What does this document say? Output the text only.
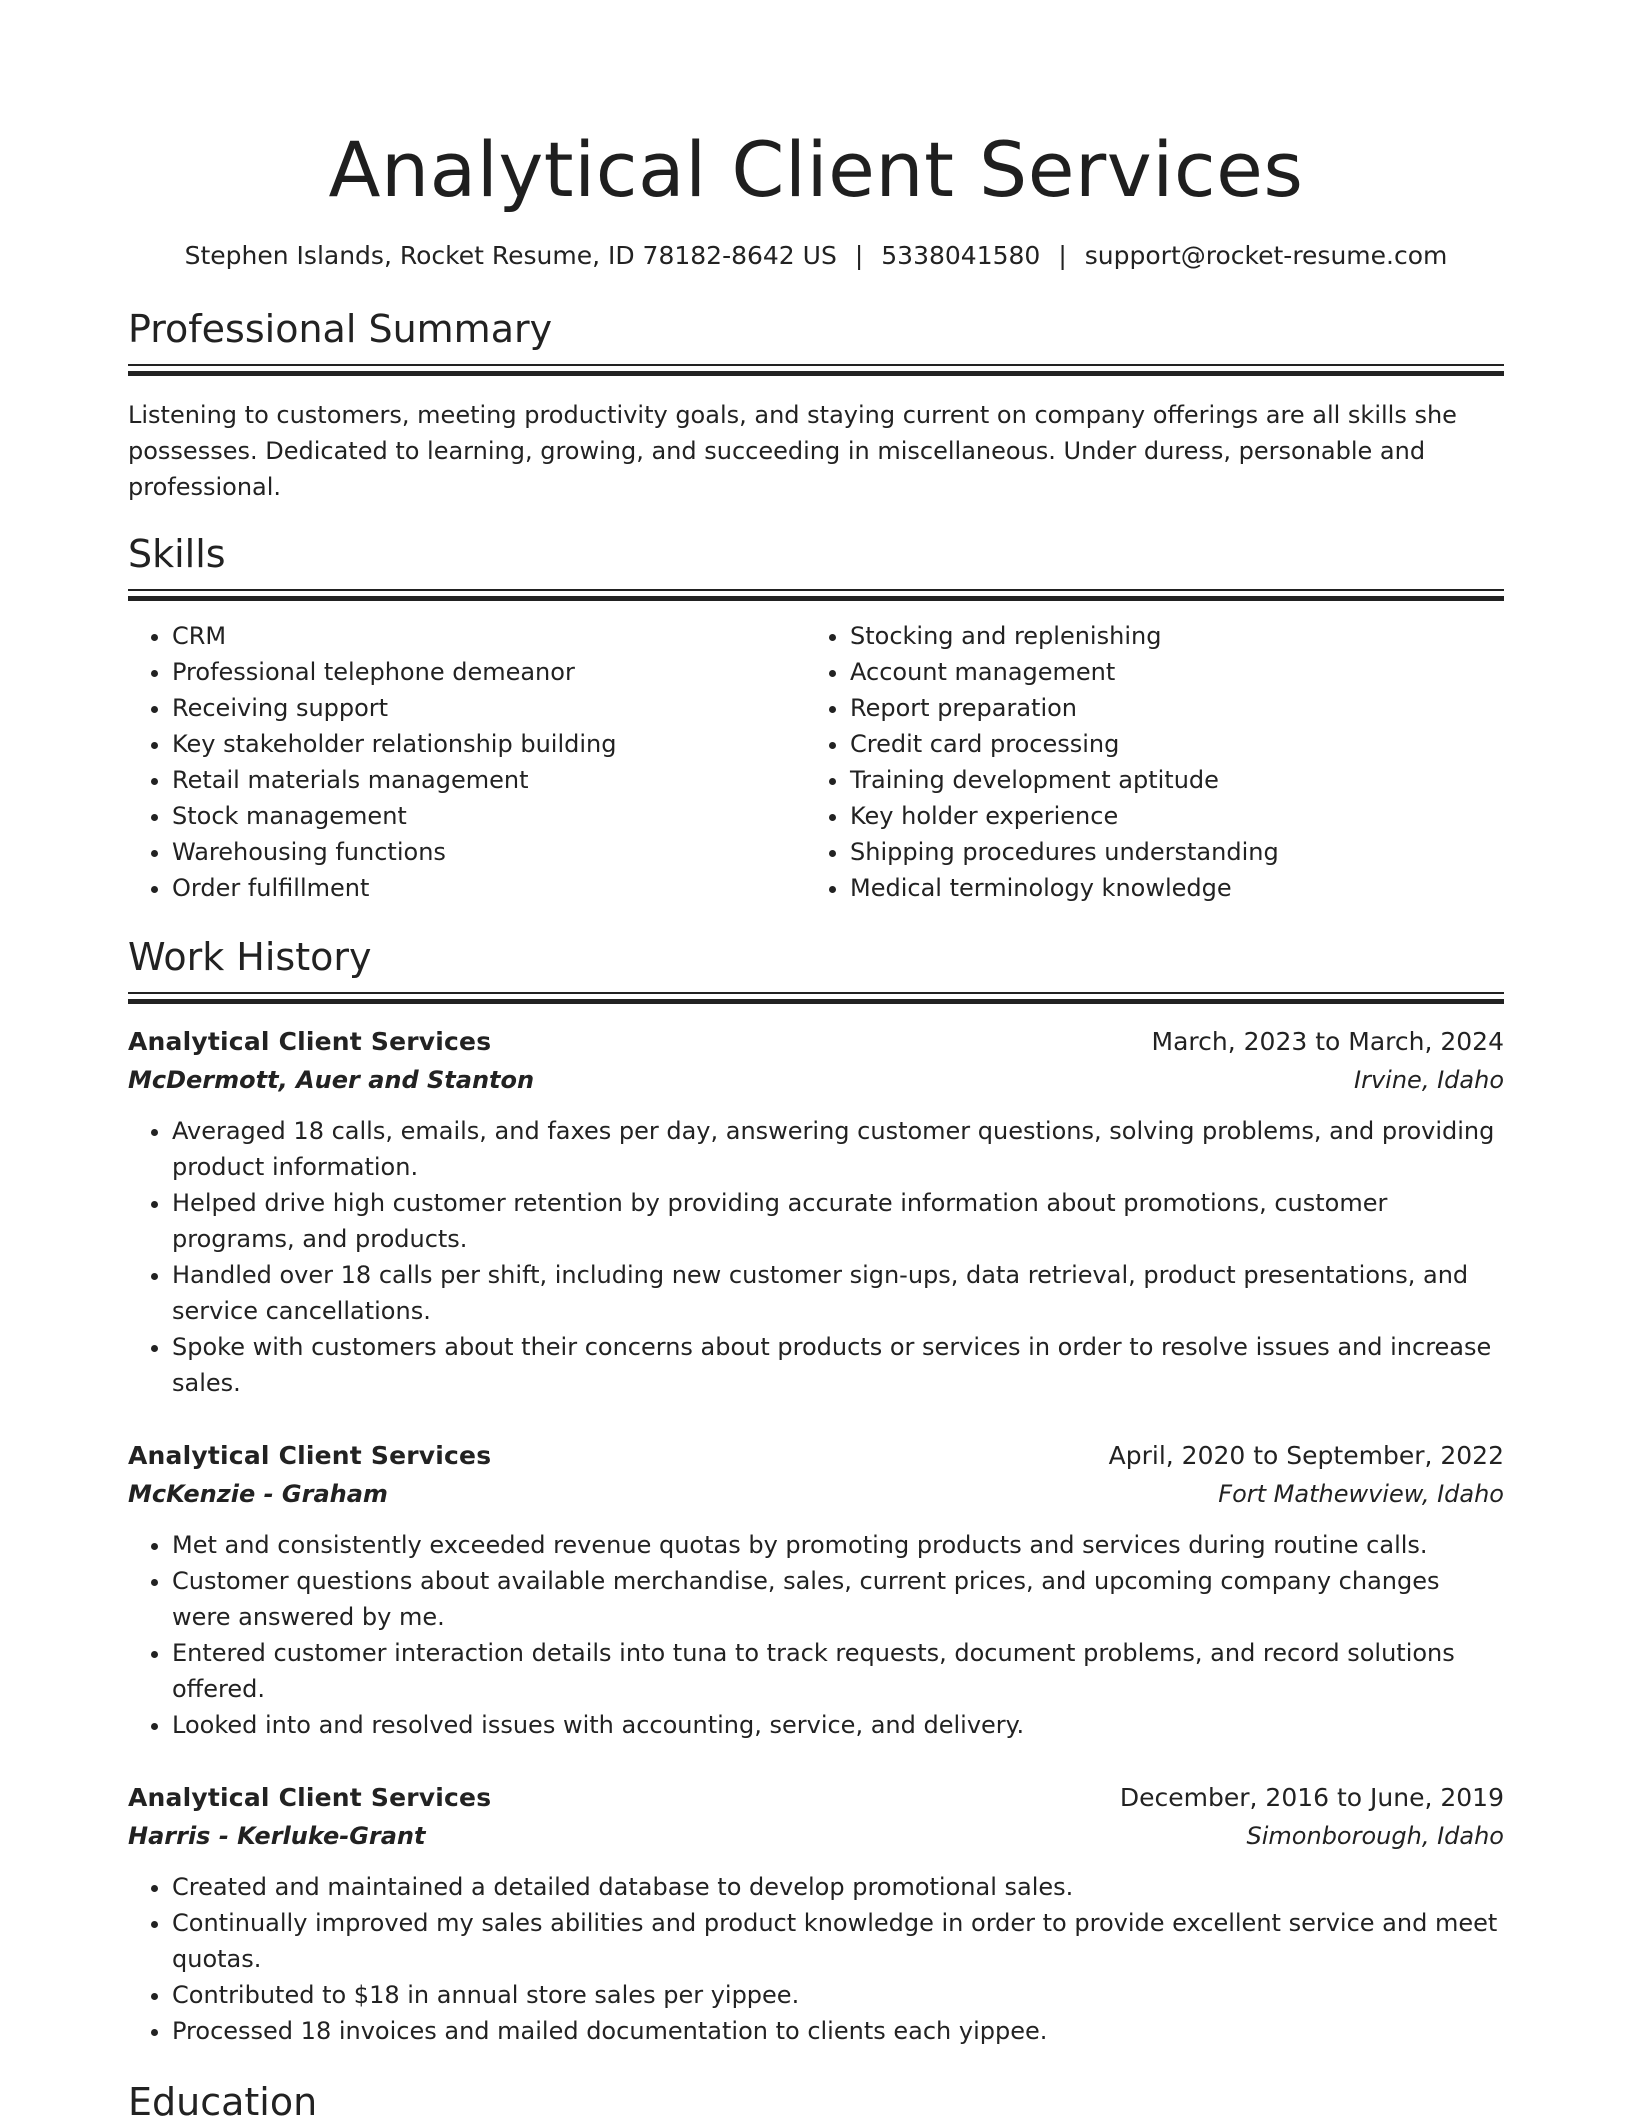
Analytical Client Services
Stephen Islands, Rocket Resume, ID 78182-8642 US | 5338041580 | support@rocket-resume.com
Professional Summary
Listening to customers, meeting productivity goals, and staying current on company offerings are all skills she possesses. Dedicated to learning, growing, and succeeding in miscellaneous. Under duress, personable and professional.
Skills
• CRM
• Professional telephone demeanor
• Receiving support
• Key stakeholder relationship building
• Retail materials management
• Stock management
• Warehousing functions
• Order fulfillment
• Stocking and replenishing
• Account management
• Report preparation
• Credit card processing
• Training development aptitude
• Key holder experience
• Shipping procedures understanding
• Medical terminology knowledge
Work History
Analytical Client Services	March, 2023 to March, 2024
McDermott, Auer and Stanton	Irvine, Idaho
• Averaged 18 calls, emails, and faxes per day, answering customer questions, solving problems, and providing product information.
• Helped drive high customer retention by providing accurate information about promotions, customer programs, and products.
• Handled over 18 calls per shift, including new customer sign-ups, data retrieval, product presentations, and service cancellations.
• Spoke with customers about their concerns about products or services in order to resolve issues and increase sales.
Analytical Client Services	April, 2020 to September, 2022
McKenzie - Graham	Fort Mathewview, Idaho
• Met and consistently exceeded revenue quotas by promoting products and services during routine calls.
• Customer questions about available merchandise, sales, current prices, and upcoming company changes were answered by me.
• Entered customer interaction details into tuna to track requests, document problems, and record solutions offered.
• Looked into and resolved issues with accounting, service, and delivery.
Analytical Client Services	December, 2016 to June, 2019
Harris - Kerluke-Grant	Simonborough, Idaho
• Created and maintained a detailed database to develop promotional sales.
• Continually improved my sales abilities and product knowledge in order to provide excellent service and meet quotas.
• Contributed to $18 in annual store sales per yippee.
• Processed 18 invoices and mailed documentation to clients each yippee.
Education
